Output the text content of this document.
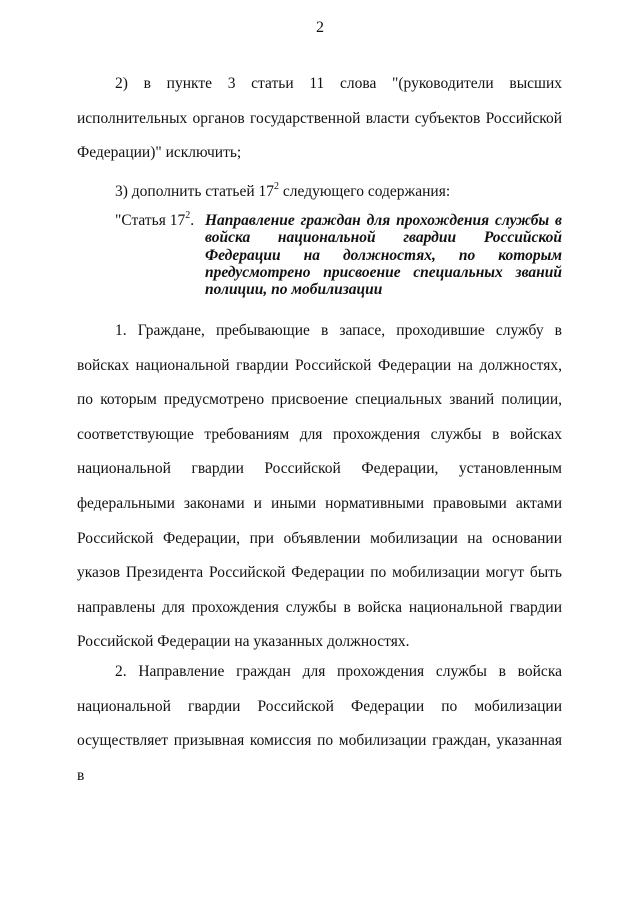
2

2) в пункте 3 статьи 11 слова "(руководители высших исполнительных органов государственной власти субъектов Российской Федерации)" исключить;

3) дополнить статьей $17^2$ следующего содержания:

"Статья $17^2$. Направление граждан для прохождения службы в войска национальной гвардии Российской Федерации на должностях, по которым предусмотрено присвоение специальных званий полиции, по мобилизации

1. Граждане, пребывающие в запасе, проходившие службу в войсках национальной гвардии Российской Федерации на должностях, по которым предусмотрено присвоение специальных званий полиции, соответствующие требованиям для прохождения службы в войсках национальной гвардии Российской Федерации, установленным федеральными законами и иными нормативными правовыми актами Российской Федерации, при объявлении мобилизации на основании указов Президента Российской Федерации по мобилизации могут быть направлены для прохождения службы в войска национальной гвардии Российской Федерации на указанных должностях.

2. Направление граждан для прохождения службы в войска национальной гвардии Российской Федерации по мобилизации осуществляет призывная комиссия по мобилизации граждан, указанная в
